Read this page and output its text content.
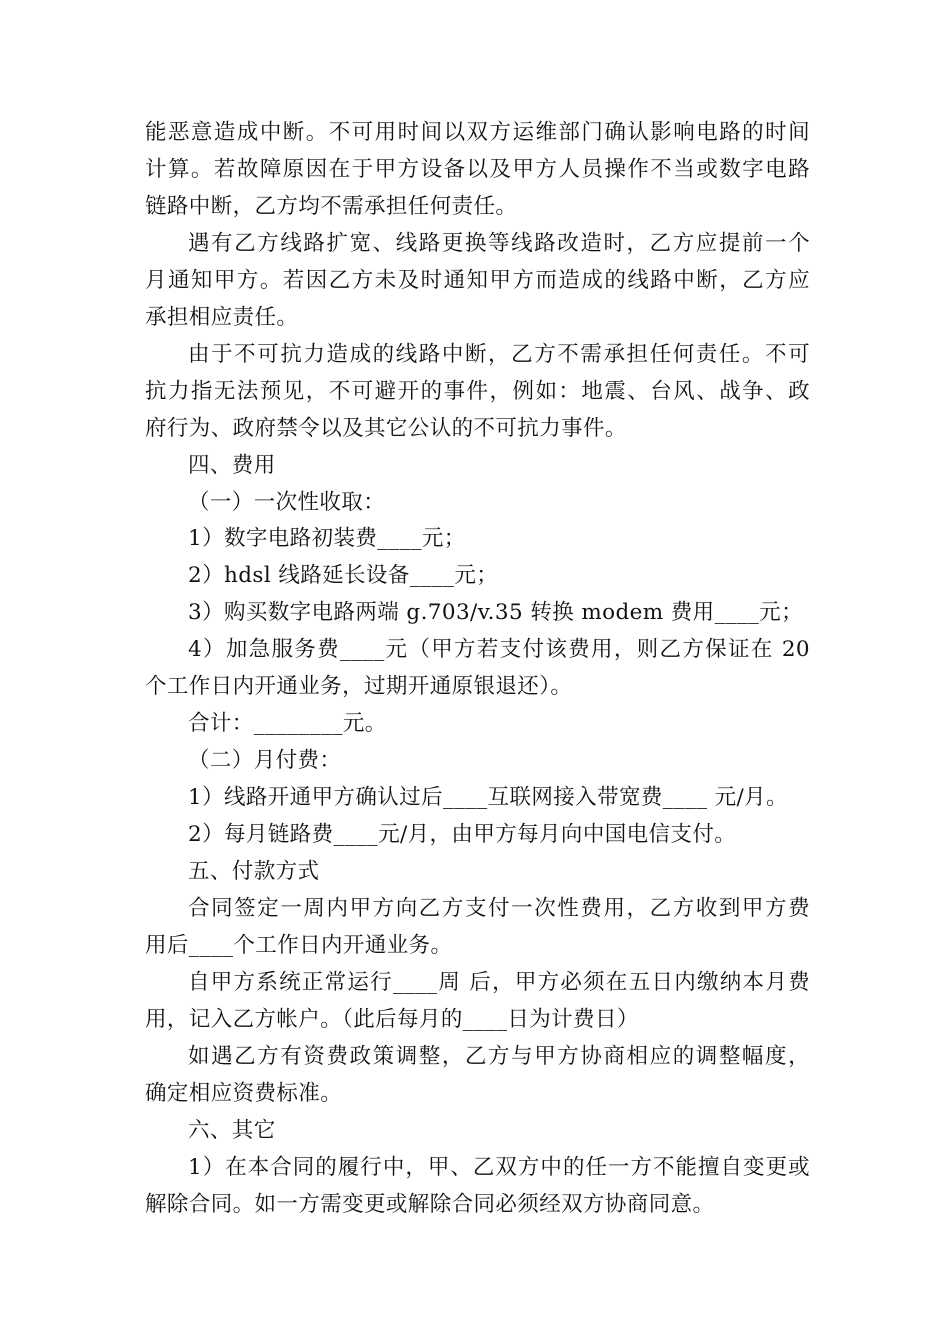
能恶意造成中断。不可用时间以双方运维部门确认影响电路的时间
计算。若故障原因在于甲方设备以及甲方人员操作不当或数字电路
链路中断，乙方均不需承担任何责任。
遇有乙方线路扩宽、线路更换等线路改造时，乙方应提前一个
月通知甲方。若因乙方未及时通知甲方而造成的线路中断，乙方应
承担相应责任。
由于不可抗力造成的线路中断，乙方不需承担任何责任。不可
抗力指无法预见，不可避开的事件，例如：地震、台风、战争、政
府行为、政府禁令以及其它公认的不可抗力事件。
四、费用
（一）一次性收取：
1）数字电路初装费____元；
2）hdsl 线路延长设备____元；
3）购买数字电路两端 g.703/v.35 转换 modem 费用____元；
4）加急服务费____元（甲方若支付该费用，则乙方保证在 20
个工作日内开通业务，过期开通原银退还）。
合计：________元。
（二）月付费：
1）线路开通甲方确认过后____互联网接入带宽费____ 元/月。
2）每月链路费____元/月，由甲方每月向中国电信支付。
五、付款方式
合同签定一周内甲方向乙方支付一次性费用，乙方收到甲方费
用后____个工作日内开通业务。
自甲方系统正常运行____周 后，甲方必须在五日内缴纳本月费
用，记入乙方帐户。（此后每月的____日为计费日）
如遇乙方有资费政策调整，乙方与甲方协商相应的调整幅度，
确定相应资费标准。
六、其它
1）在本合同的履行中，甲、乙双方中的任一方不能擅自变更或
解除合同。如一方需变更或解除合同必须经双方协商同意。
